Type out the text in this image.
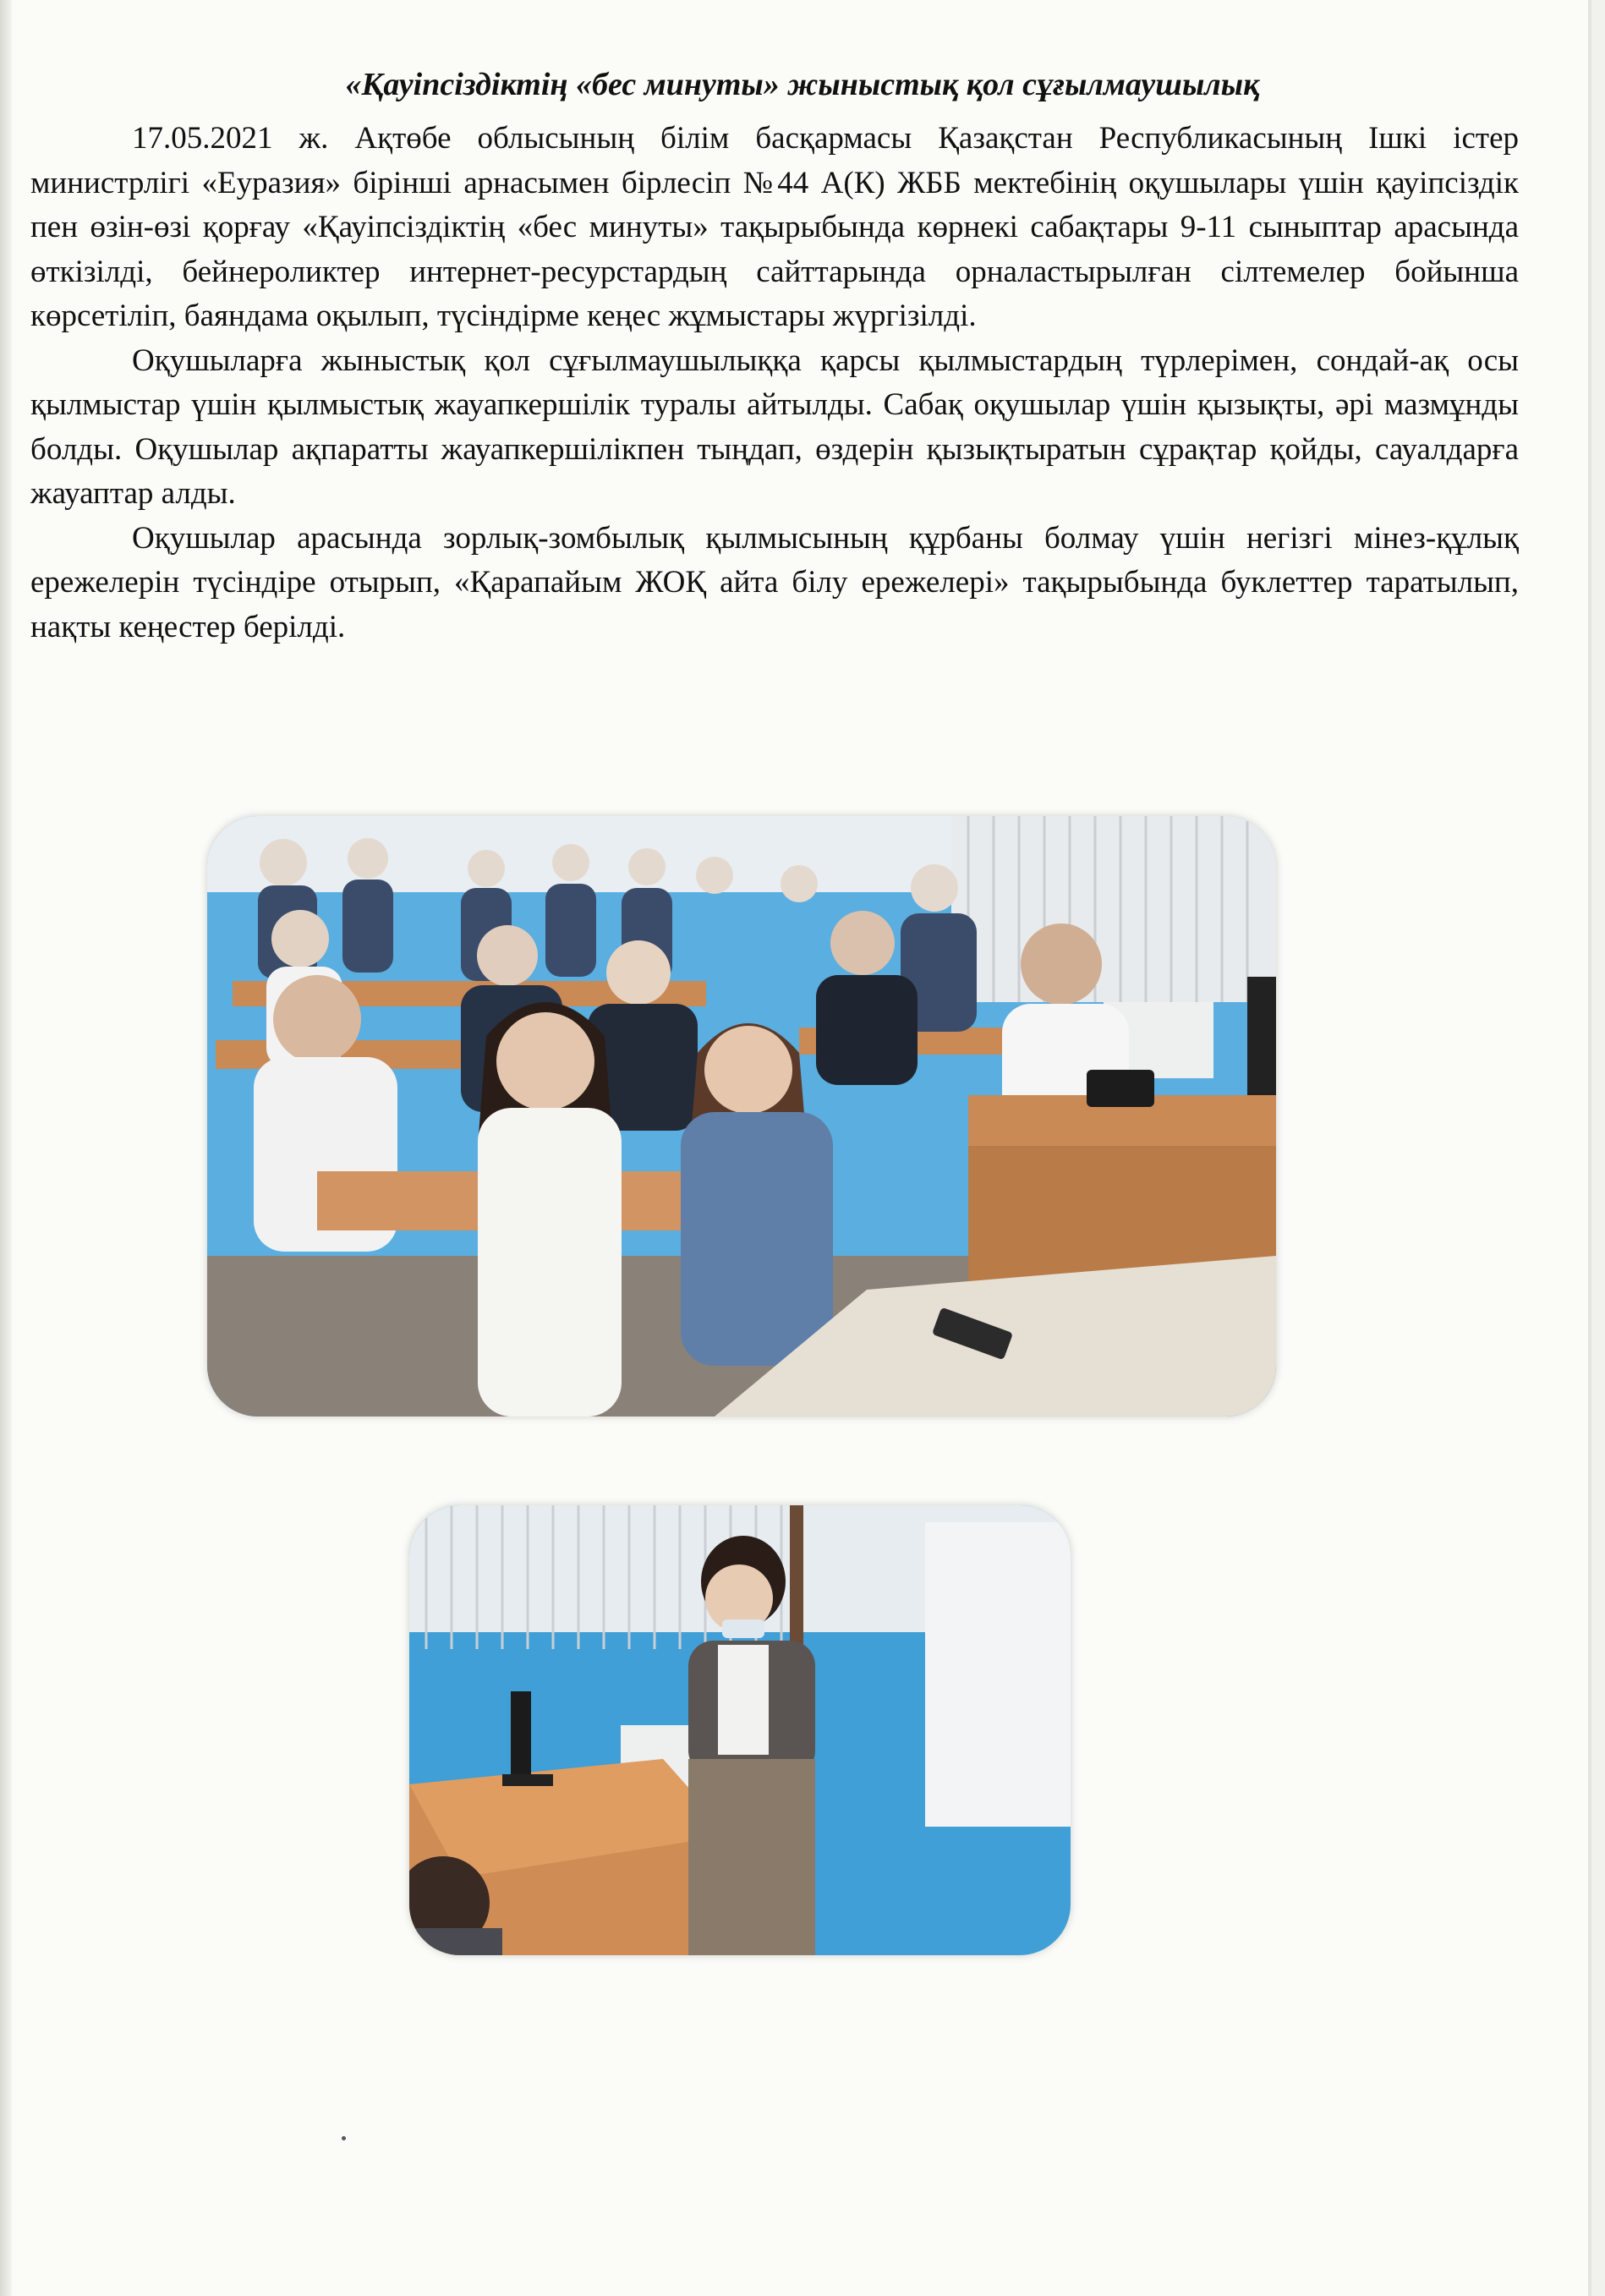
«Қауіпсіздіктің «бес минуты» жыныстық қол сұғылмаушылық

17.05.2021 ж. Ақтөбе облысының білім басқармасы Қазақстан Республикасының Ішкі істер министрлігі «Еуразия» бірінші арнасымен бірлесіп №44 А(К) ЖББ мектебінің оқушылары үшін қауіпсіздік пен өзін-өзі қорғау «Қауіпсіздіктің «бес минуты» тақырыбында көрнекі сабақтары 9-11 сыныптар арасында өткізілді, бейнероликтер интернет-ресурстардың сайттарында орналастырылған сілтемелер бойынша көрсетіліп, баяндама оқылып, түсіндірме кеңес жұмыстары жүргізілді.

Оқушыларға жыныстық қол сұғылмаушылыққа қарсы қылмыстардың түрлерімен, сондай-ақ осы қылмыстар үшін қылмыстық жауапкершілік туралы айтылды. Сабақ оқушылар үшін қызықты, әрі мазмұнды болды. Оқушылар ақпаратты жауапкершілікпен тыңдап, өздерін қызықтыратын сұрақтар қойды, сауалдарға жауаптар алды.

Оқушылар арасында зорлық-зомбылық қылмысының құрбаны болмау үшін негізгі мінез-құлық ережелерін түсіндіре отырып, «Қарапайым ЖОҚ айта білу ережелері» тақырыбында буклеттер таратылып, нақты кеңестер берілді.
